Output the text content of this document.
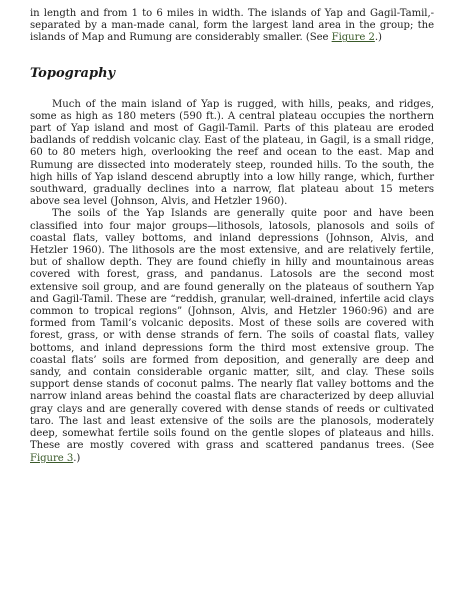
in length and from 1 to 6 miles in width. The islands of Yap and Gagil-Tamil,- separated by a man-made canal, form the largest land area in the group; the islands of Map and Rumung are considerably smaller. (See Figure 2.)

Topography

Much of the main island of Yap is rugged, with hills, peaks, and ridges, some as high as 180 meters (590 ft.). A central plateau occupies the northern part of Yap island and most of Gagil-Tamil. Parts of this plateau are eroded badlands of reddish volcanic clay. East of the plateau, in Gagil, is a small ridge, 60 to 80 meters high, overlooking the reef and ocean to the east. Map and Rumung are dissected into moderately steep, rounded hills. To the south, the high hills of Yap island descend abruptly into a low hilly range, which, further southward, gradually declines into a narrow, flat plateau about 15 meters above sea level (Johnson, Alvis, and Hetzler 1960).

The soils of the Yap Islands are generally quite poor and have been classified into four major groups—lithosols, latosols, planosols and soils of coastal flats, valley bottoms, and inland depressions (Johnson, Alvis, and Hetzler 1960). The lithosols are the most extensive, and are relatively fertile, but of shallow depth. They are found chiefly in hilly and mountainous areas covered with forest, grass, and pandanus. Latosols are the second most extensive soil group, and are found generally on the plateaus of southern Yap and Gagil-Tamil. These are “reddish, granular, well-drained, infertile acid clays common to tropical regions” (Johnson, Alvis, and Hetzler 1960:96) and are formed from Tamil’s volcanic deposits. Most of these soils are covered with forest, grass, or with dense strands of fern. The soils of coastal flats, valley bottoms, and inland depressions form the third most extensive group. The coastal flats’ soils are formed from deposition, and generally are deep and sandy, and contain considerable organic matter, silt, and clay. These soils support dense stands of coconut palms. The nearly flat valley bottoms and the narrow inland areas behind the coastal flats are characterized by deep alluvial gray clays and are generally covered with dense stands of reeds or cultivated taro. The last and least extensive of the soils are the planosols, moderately deep, somewhat fertile soils found on the gentle slopes of plateaus and hills. These are mostly covered with grass and scattered pandanus trees. (See Figure 3.)
